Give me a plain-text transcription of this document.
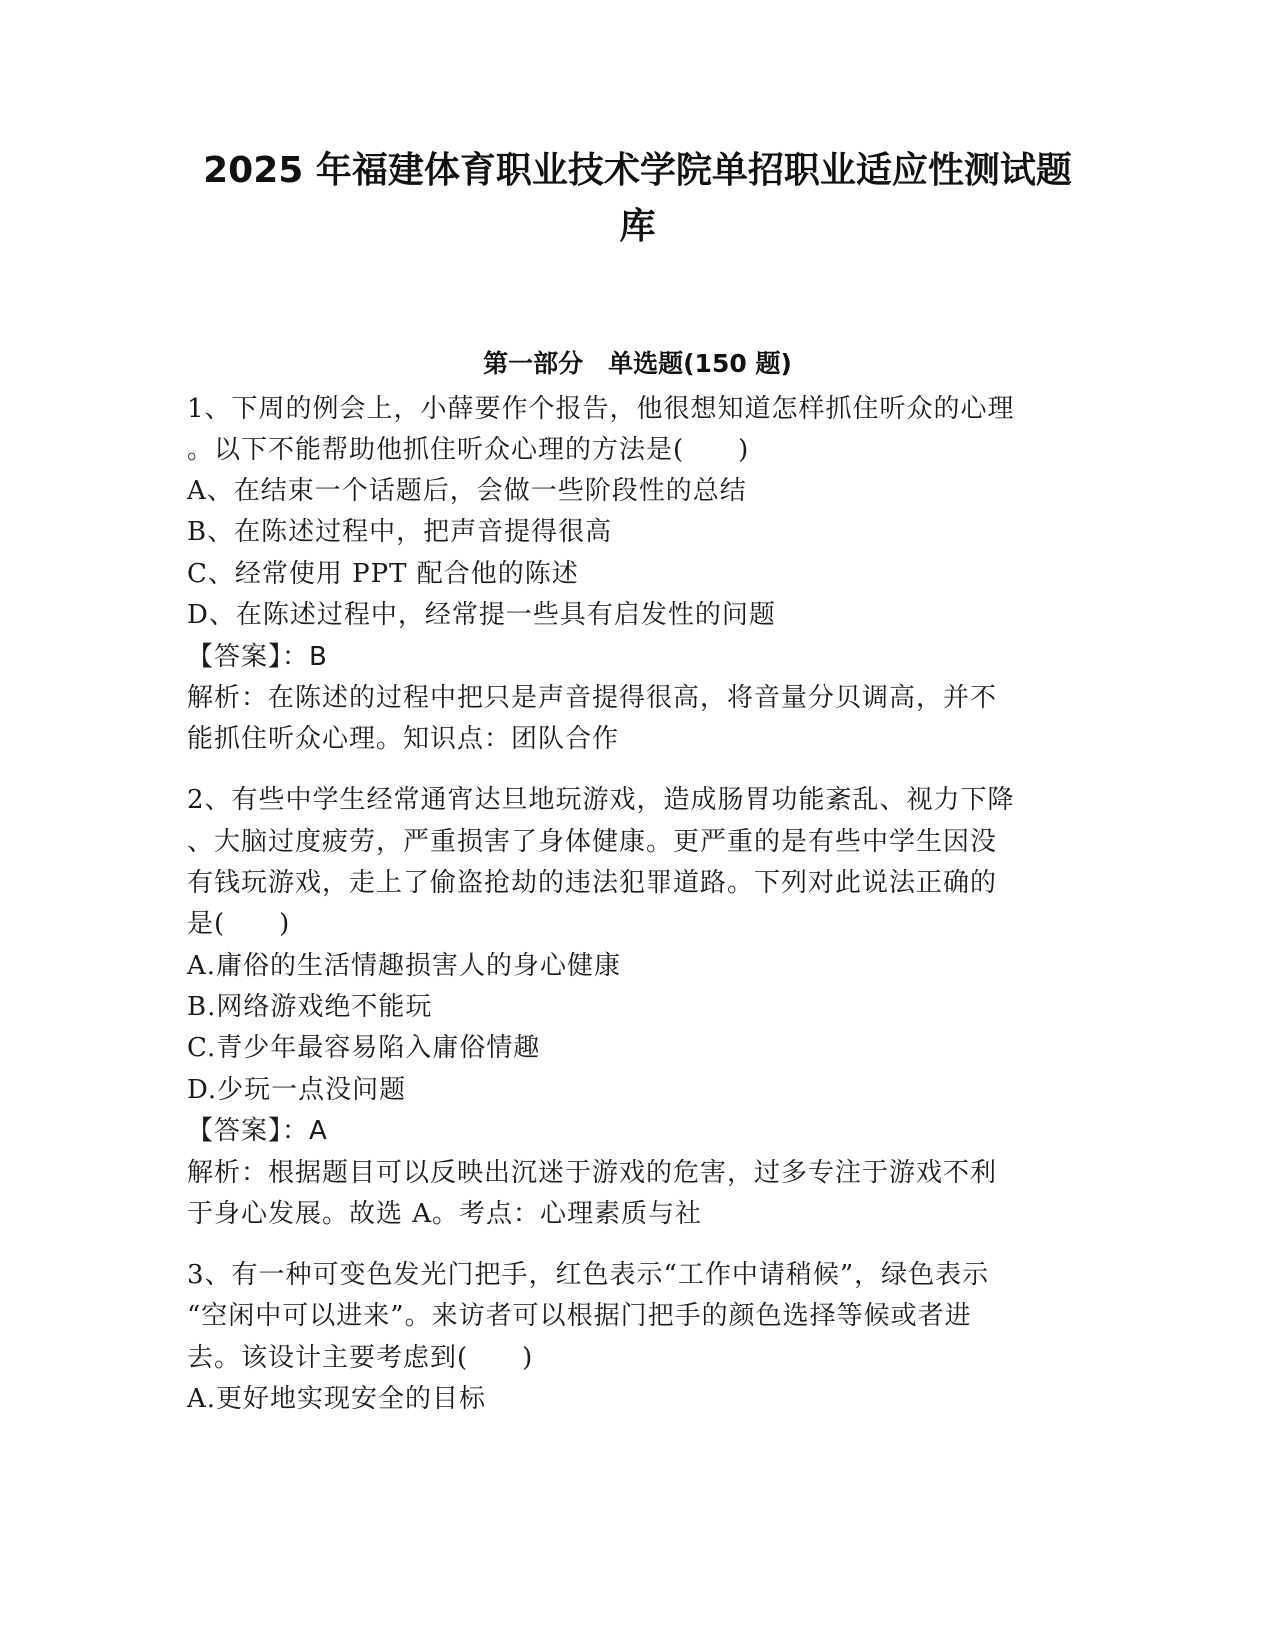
2025 年福建体育职业技术学院单招职业适应性测试题
库
第一部分　单选题(150 题)
1、下周的例会上，小薛要作个报告，他很想知道怎样抓住听众的心理
。以下不能帮助他抓住听众心理的方法是(　　)
A、在结束一个话题后，会做一些阶段性的总结
B、在陈述过程中，把声音提得很高
C、经常使用 PPT 配合他的陈述
D、在陈述过程中，经常提一些具有启发性的问题
【答案】：B
解析：在陈述的过程中把只是声音提得很高，将音量分贝调高，并不
能抓住听众心理。知识点：团队合作
2、有些中学生经常通宵达旦地玩游戏，造成肠胃功能紊乱、视力下降
、大脑过度疲劳，严重损害了身体健康。更严重的是有些中学生因没
有钱玩游戏，走上了偷盗抢劫的违法犯罪道路。下列对此说法正确的
是(　　)
A.庸俗的生活情趣损害人的身心健康
B.网络游戏绝不能玩
C.青少年最容易陷入庸俗情趣
D.少玩一点没问题
【答案】：A
解析：根据题目可以反映出沉迷于游戏的危害，过多专注于游戏不利
于身心发展。故选 A。考点：心理素质与社
3、有一种可变色发光门把手，红色表示“工作中请稍候”，绿色表示
“空闲中可以进来”。来访者可以根据门把手的颜色选择等候或者进
去。该设计主要考虑到(　　)
A.更好地实现安全的目标
